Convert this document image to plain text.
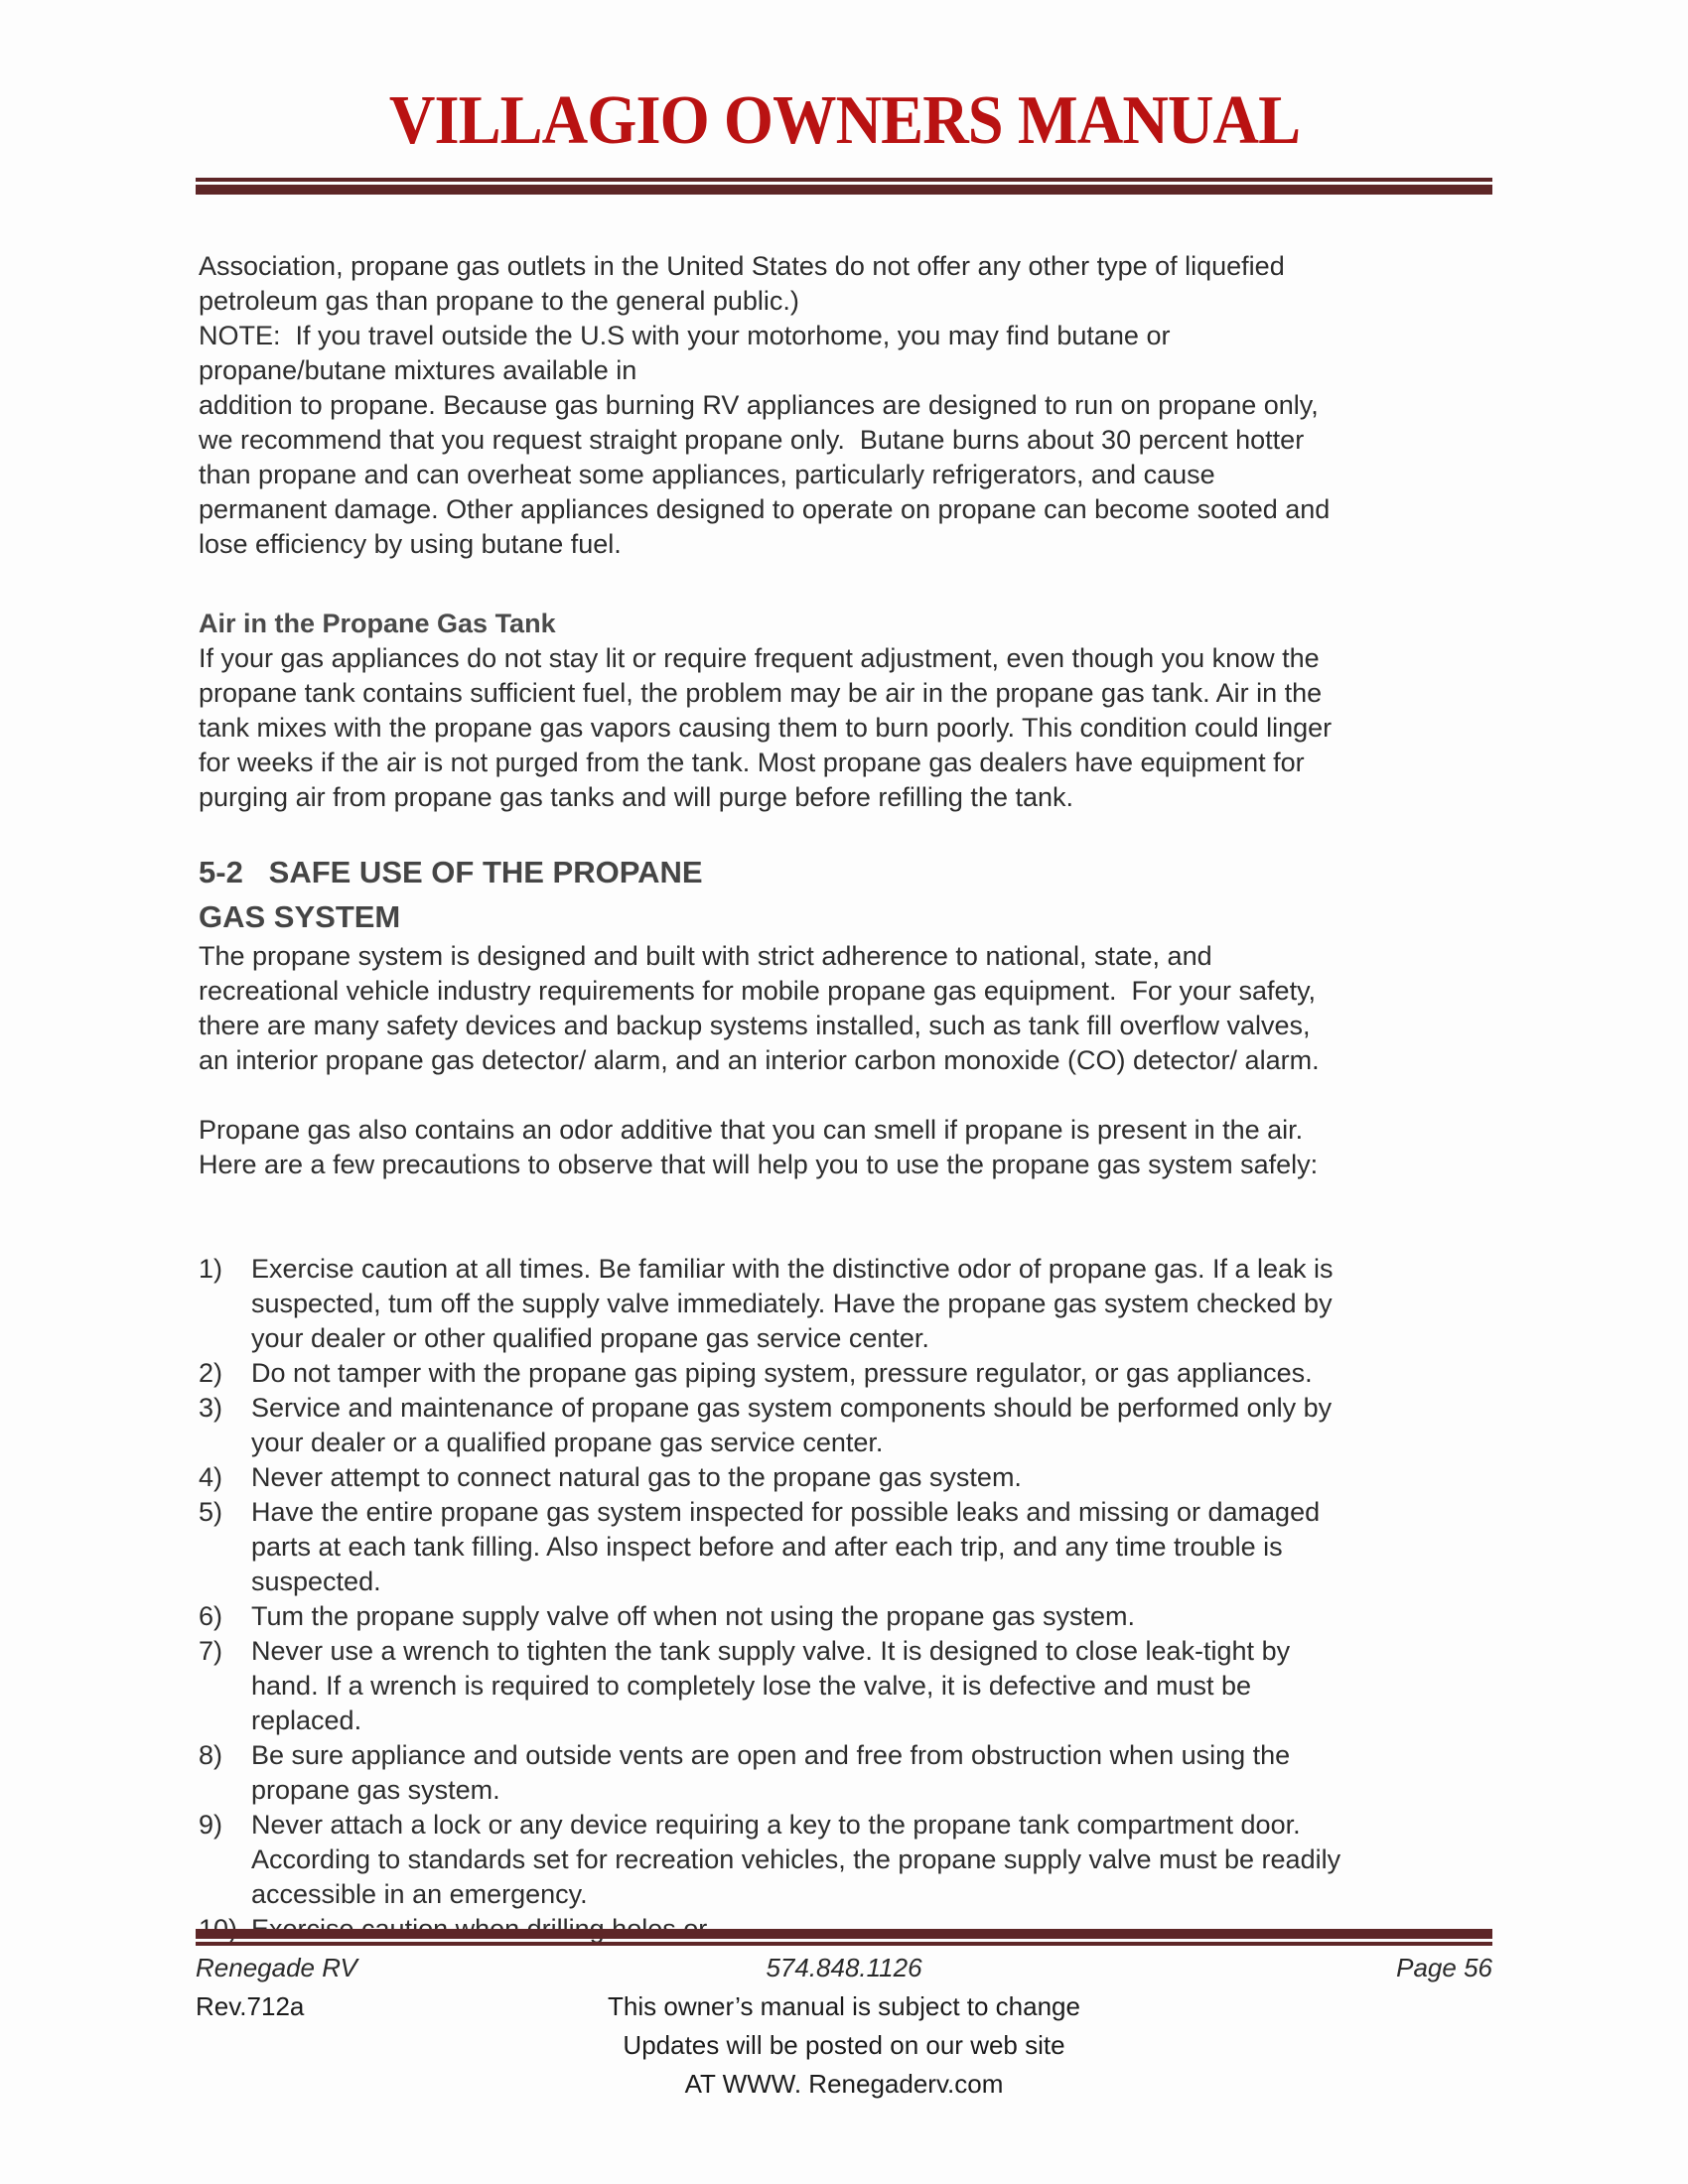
VILLAGIO OWNERS MANUAL
Association, propane gas outlets in the United States do not offer any other type of liquefied
petroleum gas than propane to the general public.)
NOTE:  If you travel outside the U.S with your motorhome, you may find butane or
propane/butane mixtures available in
addition to propane. Because gas burning RV appliances are designed to run on propane only,
we recommend that you request straight propane only.  Butane burns about 30 percent hotter
than propane and can overheat some appliances, particularly refrigerators, and cause
permanent damage. Other appliances designed to operate on propane can become sooted and
lose efficiency by using butane fuel.
Air in the Propane Gas Tank
If your gas appliances do not stay lit or require frequent adjustment, even though you know the
propane tank contains sufficient fuel, the problem may be air in the propane gas tank. Air in the
tank mixes with the propane gas vapors causing them to burn poorly. This condition could linger
for weeks if the air is not purged from the tank. Most propane gas dealers have equipment for
purging air from propane gas tanks and will purge before refilling the tank.
5-2   SAFE USE OF THE PROPANE
GAS SYSTEM
The propane system is designed and built with strict adherence to national, state, and
recreational vehicle industry requirements for mobile propane gas equipment.  For your safety,
there are many safety devices and backup systems installed, such as tank fill overflow valves,
an interior propane gas detector/ alarm, and an interior carbon monoxide (CO) detector/ alarm.
Propane gas also contains an odor additive that you can smell if propane is present in the air.
Here are a few precautions to observe that will help you to use the propane gas system safely:
1)	Exercise caution at all times. Be familiar with the distinctive odor of propane gas. If a leak is
suspected, tum off the supply valve immediately. Have the propane gas system checked by
your dealer or other qualified propane gas service center.
2)	Do not tamper with the propane gas piping system, pressure regulator, or gas appliances.
3)	Service and maintenance of propane gas system components should be performed only by
your dealer or a qualified propane gas service center.
4)	Never attempt to connect natural gas to the propane gas system.
5)	Have the entire propane gas system inspected for possible leaks and missing or damaged
parts at each tank filling. Also inspect before and after each trip, and any time trouble is
suspected.
6)	Tum the propane supply valve off when not using the propane gas system.
7)	Never use a wrench to tighten the tank supply valve. It is designed to close leak-tight by
hand. If a wrench is required to completely lose the valve, it is defective and must be
replaced.
8)	Be sure appliance and outside vents are open and free from obstruction when using the
propane gas system.
9)	Never attach a lock or any device requiring a key to the propane tank compartment door.
According to standards set for recreation vehicles, the propane supply valve must be readily
accessible in an emergency.
Renegade RV	574.848.1126	Page 56
Rev.712a	This owner’s manual is subject to change
Updates will be posted on our web site
AT WWW. Renegaderv.com
